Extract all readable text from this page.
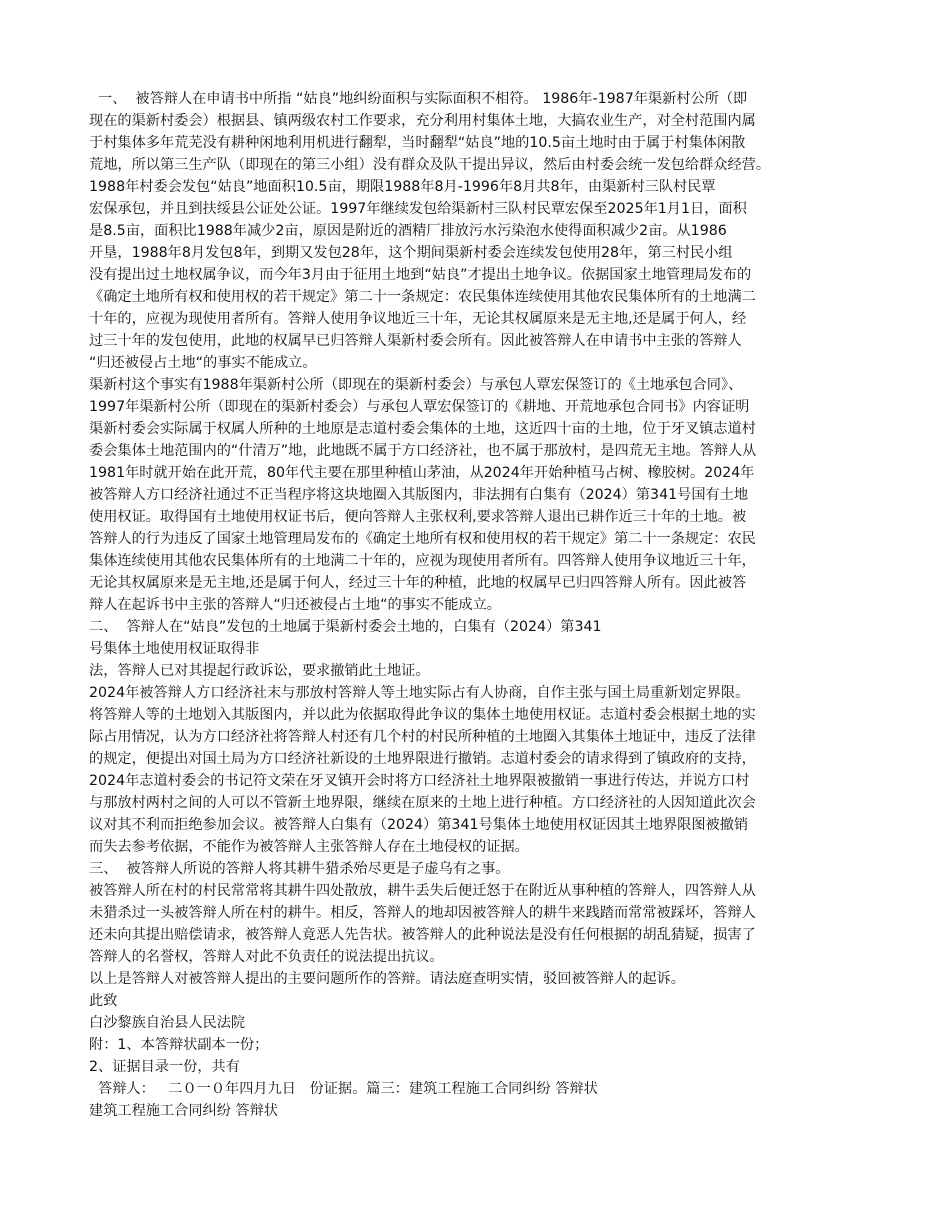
一、  被答辩人在申请书中所指 “姑良”地纠纷面积与实际面积不相符。 1986年-1987年渠新村公所（即
现在的渠新村委会）根据县、镇两级农村工作要求，充分利用村集体土地，大搞农业生产，对全村范围内属
于村集体多年荒芜没有耕种闲地利用机进行翻犁，当时翻犁“姑良”地的10.5亩土地时由于属于村集体闲散
荒地，所以第三生产队（即现在的第三小组）没有群众及队干提出异议，然后由村委会统一发包给群众经营。
1988年村委会发包“姑良”地面积10.5亩，期限1988年8月-1996年8月共8年，由渠新村三队村民覃
宏保承包，并且到扶绥县公证处公证。1997年继续发包给渠新村三队村民覃宏保至2025年1月1日，面积
是8.5亩，面积比1988年减少2亩，原因是附近的酒精厂排放污水污染泡水使得面积减少2亩。从1986
开垦，1988年8月发包8年，到期又发包28年，这个期间渠新村委会连续发包使用28年，第三村民小组
没有提出过土地权属争议，而今年3月由于征用土地到“姑良”才提出土地争议。依据国家土地管理局发布的
《确定土地所有权和使用权的若干规定》第二十一条规定：农民集体连续使用其他农民集体所有的土地满二
十年的，应视为现使用者所有。答辩人使用争议地近三十年，无论其权属原来是无主地,还是属于何人，经
过三十年的发包使用，此地的权属早已归答辩人渠新村委会所有。因此被答辩人在申请书中主张的答辩人
“归还被侵占土地“的事实不能成立。
渠新村这个事实有1988年渠新村公所（即现在的渠新村委会）与承包人覃宏保签订的《土地承包合同》、
1997年渠新村公所（即现在的渠新村委会）与承包人覃宏保签订的《耕地、开荒地承包合同书》内容证明
渠新村委会实际属于权属人所种的土地原是志道村委会集体的土地，这近四十亩的土地，位于牙叉镇志道村
委会集体土地范围内的“什清万”地，此地既不属于方口经济社，也不属于那放村，是四荒无主地。答辩人从
1981年时就开始在此开荒，80年代主要在那里种植山茅油，从2024年开始种植马占树、橡胶树。2024年
被答辩人方口经济社通过不正当程序将这块地圈入其版图内，非法拥有白集有（2024）第341号国有土地
使用权证。取得国有土地使用权证书后，便向答辩人主张权利,要求答辩人退出已耕作近三十年的土地。被
答辩人的行为违反了国家土地管理局发布的《确定土地所有权和使用权的若干规定》第二十一条规定：农民
集体连续使用其他农民集体所有的土地满二十年的，应视为现使用者所有。四答辩人使用争议地近三十年，
无论其权属原来是无主地,还是属于何人，经过三十年的种植，此地的权属早已归四答辩人所有。因此被答
辩人在起诉书中主张的答辩人“归还被侵占土地“的事实不能成立。
二、  答辩人在“姑良”发包的土地属于渠新村委会土地的，白集有（2024）第341
号集体土地使用权证取得非
法，答辩人已对其提起行政诉讼，要求撤销此土地证。
2024年被答辩人方口经济社末与那放村答辩人等土地实际占有人协商，自作主张与国土局重新划定界限。
将答辩人等的土地划入其版图内，并以此为依据取得此争议的集体土地使用权证。志道村委会根据土地的实
际占用情况，认为方口经济社将答辩人村还有几个村的村民所种植的土地圈入其集体土地证中，违反了法律
的规定，便提出对国土局为方口经济社新设的土地界限进行撤销。志道村委会的请求得到了镇政府的支持，
2024年志道村委会的书记符文荣在牙叉镇开会时将方口经济社土地界限被撤销一事进行传达，并说方口村
与那放村两村之间的人可以不管新土地界限，继续在原来的土地上进行种植。方口经济社的人因知道此次会
议对其不利而拒绝参加会议。被答辩人白集有（2024）第341号集体土地使用权证因其土地界限图被撤销
而失去参考依据，不能作为被答辩人主张答辩人存在土地侵权的证据。
三、  被答辩人所说的答辩人将其耕牛猎杀殆尽更是子虚乌有之事。
被答辩人所在村的村民常常将其耕牛四处散放，耕牛丢失后便迁怒于在附近从事种植的答辩人，四答辩人从
未猎杀过一头被答辩人所在村的耕牛。相反，答辩人的地却因被答辩人的耕牛来践踏而常常被踩坏，答辩人
还未向其提出赔偿请求，被答辩人竟恶人先告状。被答辩人的此种说法是没有任何根据的胡乱猜疑，损害了
答辩人的名誉权，答辩人对此不负责任的说法提出抗议。
以上是答辩人对被答辩人提出的主要问题所作的答辩。请法庭查明实情，驳回被答辩人的起诉。
此致
白沙黎族自治县人民法院
附：1、本答辩状副本一份；
2、证据目录一份，共有
答辩人：   二０一０年四月九日   份证据。篇三：建筑工程施工合同纠纷 答辩状
建筑工程施工合同纠纷 答辩状
